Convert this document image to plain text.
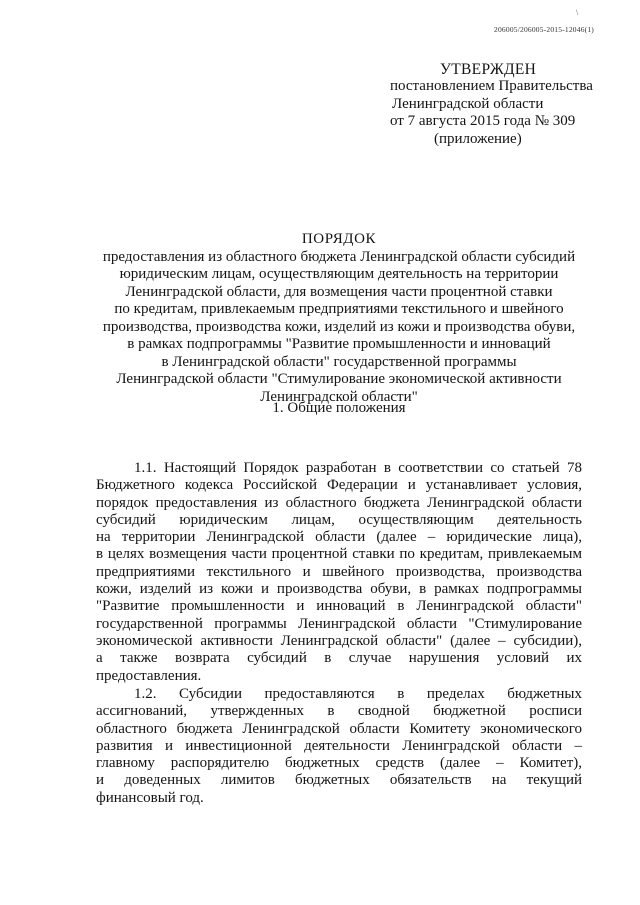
\
206005/206005-2015-12046(1)
УТВЕРЖДЕН
постановлением Правительства
Ленинградской области
от 7 августа 2015 года № 309
(приложение)
ПОРЯДОК
предоставления из областного бюджета Ленинградской области субсидий
юридическим лицам, осуществляющим деятельность на территории
Ленинградской области, для возмещения части процентной ставки
по кредитам, привлекаемым предприятиями текстильного и швейного
производства, производства кожи, изделий из кожи и производства обуви,
в рамках подпрограммы "Развитие промышленности и инноваций
в Ленинградской области" государственной программы
Ленинградской области "Стимулирование экономической активности
Ленинградской области"
1. Общие положения
1.1. Настоящий Порядок разработан в соответствии со статьей 78
Бюджетного кодекса Российской Федерации и устанавливает условия,
порядок предоставления из областного бюджета Ленинградской области
субсидий юридическим лицам, осуществляющим деятельность
на территории Ленинградской области (далее – юридические лица),
в целях возмещения части процентной ставки по кредитам, привлекаемым
предприятиями текстильного и швейного производства, производства
кожи, изделий из кожи и производства обуви, в рамках подпрограммы
"Развитие промышленности и инноваций в Ленинградской области"
государственной программы Ленинградской области "Стимулирование
экономической активности Ленинградской области" (далее – субсидии),
а также возврата субсидий в случае нарушения условий их
предоставления.
1.2. Субсидии предоставляются в пределах бюджетных
ассигнований, утвержденных в сводной бюджетной росписи
областного бюджета Ленинградской области Комитету экономического
развития и инвестиционной деятельности Ленинградской области –
главному распорядителю бюджетных средств (далее – Комитет),
и доведенных лимитов бюджетных обязательств на текущий
финансовый год.
